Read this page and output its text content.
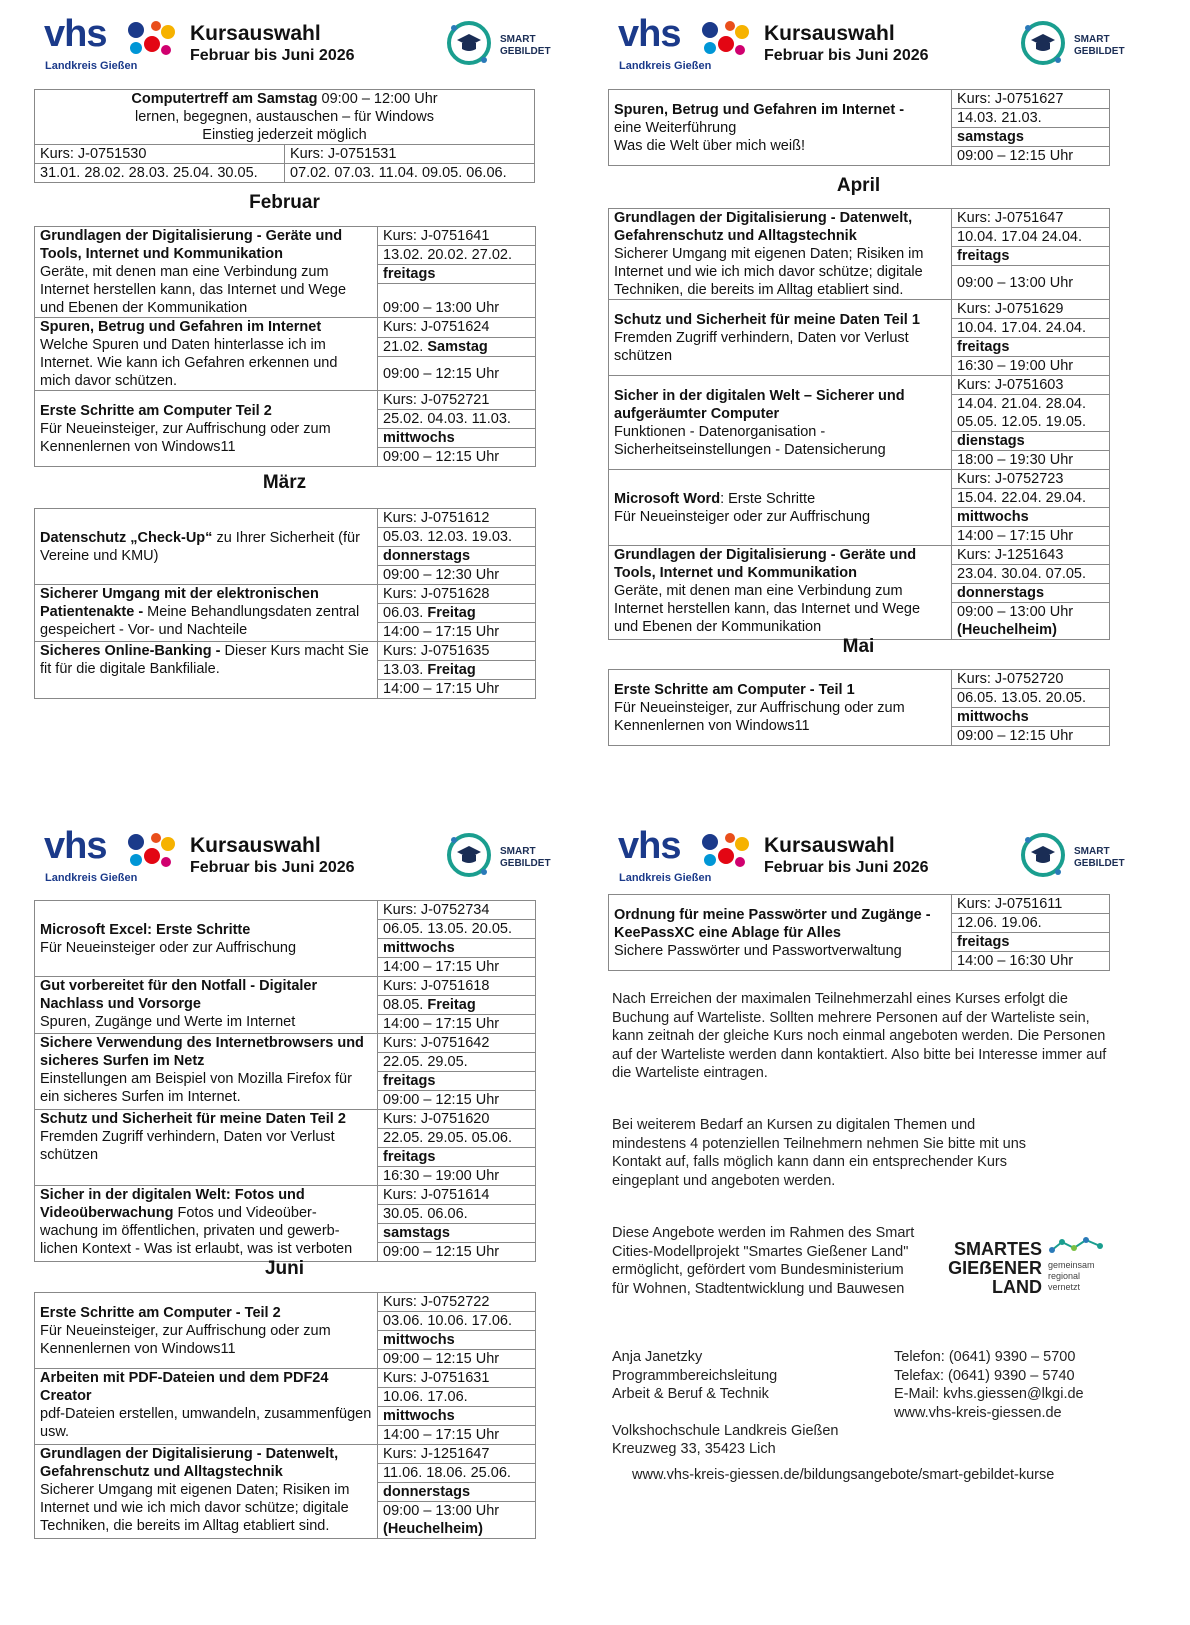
vhs
Landkreis Gießen
Kursauswahl
Februar bis Juni 2026
SMART
GEBILDET
Computertreff am Samstag 09:00 – 12:00 Uhr
lernen, begegnen, austauschen – für Windows
Einstieg jederzeit möglich	
Kurs: J-0751530	Kurs: J-0751531
31.01. 28.02. 28.03. 25.04. 30.05.	07.02. 07.03. 11.04. 09.05. 06.06.
Februar
Grundlagen der Digitalisierung - Geräte und Tools, Internet und Kommunikation
Geräte, mit denen man eine Verbindung zum Internet herstellen kann, das Internet und Wege und Ebenen der Kommunikation	Kurs: J-0751641
	13.02. 20.02. 27.02.
	freitags
	09:00 – 13:00 Uhr
Spuren, Betrug und Gefahren im Internet
Welche Spuren und Daten hinterlasse ich im Internet. Wie kann ich Gefahren erkennen und mich davor schützen.	Kurs: J-0751624
	21.02. Samstag
	09:00 – 12:15 Uhr
Erste Schritte am Computer Teil 2
Für Neueinsteiger, zur Auffrischung oder zum Kennenlernen von Windows11	Kurs: J-0752721
	25.02. 04.03. 11.03.
	mittwochs
	09:00 – 12:15 Uhr
März
Datenschutz „Check-Up“ zu Ihrer Sicherheit (für Vereine und KMU)	Kurs: J-0751612
	05.03. 12.03. 19.03.
	donnerstags
	09:00 – 12:30 Uhr
Sicherer Umgang mit der elektronischen Patientenakte - Meine Behandlungsdaten zentral gespeichert - Vor- und Nachteile	Kurs: J-0751628
	06.03. Freitag
	14:00 – 17:15 Uhr
Sicheres Online-Banking - Dieser Kurs macht Sie fit für die digitale Bankfiliale.	Kurs: J-0751635
	13.03. Freitag
	14:00 – 17:15 Uhr
vhs
Landkreis Gießen
Kursauswahl
Februar bis Juni 2026
SMART
GEBILDET
Spuren, Betrug und Gefahren im Internet -
eine Weiterführung
Was die Welt über mich weiß!	Kurs: J-0751627
14.03. 21.03.
samstags
09:00 – 12:15 Uhr
April
Grundlagen der Digitalisierung - Datenwelt, Gefahrenschutz und Alltagstechnik
Sicherer Umgang mit eigenen Daten; Risiken im Internet und wie ich mich davor schütze; digitale Techniken, die bereits im Alltag etabliert sind.	Kurs: J-0751647
	10.04. 17.04 24.04.
	freitags
	09:00 – 13:00 Uhr
Schutz und Sicherheit für meine Daten Teil 1
Fremden Zugriff verhindern, Daten vor Verlust schützen	Kurs: J-0751629
	10.04. 17.04. 24.04.
	freitags
	16:30 – 19:00 Uhr
Sicher in der digitalen Welt – Sicherer und aufgeräumter Computer
Funktionen - Datenorganisation - Sicherheitseinstellungen - Datensicherung	Kurs: J-0751603
	14.04. 21.04. 28.04. 05.05. 12.05. 19.05.
	dienstags
	18:00 – 19:30 Uhr
Microsoft Word: Erste Schritte
Für Neueinsteiger oder zur Auffrischung	Kurs: J-0752723
	15.04. 22.04. 29.04.
	mittwochs
	14:00 – 17:15 Uhr
Grundlagen der Digitalisierung - Geräte und Tools, Internet und Kommunikation
Geräte, mit denen man eine Verbindung zum Internet herstellen kann, das Internet und Wege und Ebenen der Kommunikation	Kurs: J-1251643
	23.04. 30.04. 07.05.
	donnerstags
	09:00 – 13:00 Uhr
	(Heuchelheim)
Mai
Erste Schritte am Computer - Teil 1
Für Neueinsteiger, zur Auffrischung oder zum Kennenlernen von Windows11	Kurs: J-0752720
06.05. 13.05. 20.05.
mittwochs
09:00 – 12:15 Uhr
vhs
Landkreis Gießen
Kursauswahl
Februar bis Juni 2026
SMART
GEBILDET
Microsoft Excel: Erste Schritte
Für Neueinsteiger oder zur Auffrischung	Kurs: J-0752734
	06.05. 13.05. 20.05.
	mittwochs
	14:00 – 17:15 Uhr
Gut vorbereitet für den Notfall - Digitaler Nachlass und Vorsorge
Spuren, Zugänge und Werte im Internet	Kurs: J-0751618
	08.05. Freitag
	14:00 – 17:15 Uhr
Sichere Verwendung des Internetbrowsers und sicheres Surfen im Netz
Einstellungen am Beispiel von Mozilla Firefox für ein sicheres Surfen im Internet.	Kurs: J-0751642
	22.05. 29.05.
	freitags
	09:00 – 12:15 Uhr
Schutz und Sicherheit für meine Daten Teil 2
Fremden Zugriff verhindern, Daten vor Verlust schützen	Kurs: J-0751620
	22.05. 29.05. 05.06.
	freitags
	16:30 – 19:00 Uhr
Sicher in der digitalen Welt: Fotos und Videoüberwachung Fotos und Videoüber-wachung im öffentlichen, privaten und gewerb-lichen Kontext - Was ist erlaubt, was ist verboten	Kurs: J-0751614
	30.05. 06.06.
	samstags
	09:00 – 12:15 Uhr
Juni
Erste Schritte am Computer - Teil 2
Für Neueinsteiger, zur Auffrischung oder zum Kennenlernen von Windows11	Kurs: J-0752722
	03.06. 10.06. 17.06.
	mittwochs
	09:00 – 12:15 Uhr
Arbeiten mit PDF-Dateien und dem PDF24 Creator
pdf-Dateien erstellen, umwandeln, zusammenfügen usw.	Kurs: J-0751631
	10.06. 17.06.
	mittwochs
	14:00 – 17:15 Uhr
Grundlagen der Digitalisierung - Datenwelt, Gefahrenschutz und Alltagstechnik
Sicherer Umgang mit eigenen Daten; Risiken im Internet und wie ich mich davor schütze; digitale Techniken, die bereits im Alltag etabliert sind.	Kurs: J-1251647
	11.06. 18.06. 25.06.
	donnerstags
	09:00 – 13:00 Uhr
	(Heuchelheim)
vhs
Landkreis Gießen
Kursauswahl
Februar bis Juni 2026
SMART
GEBILDET
Ordnung für meine Passwörter und Zugänge - KeePassXC eine Ablage für Alles
Sichere Passwörter und Passwortverwaltung	Kurs: J-0751611
12.06. 19.06.
freitags
14:00 – 16:30 Uhr
Nach Erreichen der maximalen Teilnehmerzahl eines Kurses erfolgt die Buchung auf Warteliste. Sollten mehrere Personen auf der Warteliste sein, kann zeitnah der gleiche Kurs noch einmal angeboten werden. Die Personen auf der Warteliste werden dann kontaktiert. Also bitte bei Interesse immer auf die Warteliste eintragen.
Bei weiterem Bedarf an Kursen zu digitalen Themen und mindestens 4 potenziellen Teilnehmern nehmen Sie bitte mit uns Kontakt auf, falls möglich kann dann ein entsprechender Kurs eingeplant und angeboten werden.
Diese Angebote werden im Rahmen des Smart Cities-Modellprojekt "Smartes Gießener Land" ermöglicht, gefördert vom Bundesministerium für Wohnen, Stadtentwicklung und Bauwesen
SMARTES
GIEẞENER
LAND
gemeinsam
regional
vernetzt
Anja Janetzky
Programmbereichsleitung
Arbeit & Beruf & Technik
Volkshochschule Landkreis Gießen
Kreuzweg 33, 35423 Lich
Telefon: (0641) 9390 – 5700
Telefax: (0641) 9390 – 5740
E-Mail: kvhs.giessen@lkgi.de
www.vhs-kreis-giessen.de
www.vhs-kreis-giessen.de/bildungsangebote/smart-gebildet-kurse
